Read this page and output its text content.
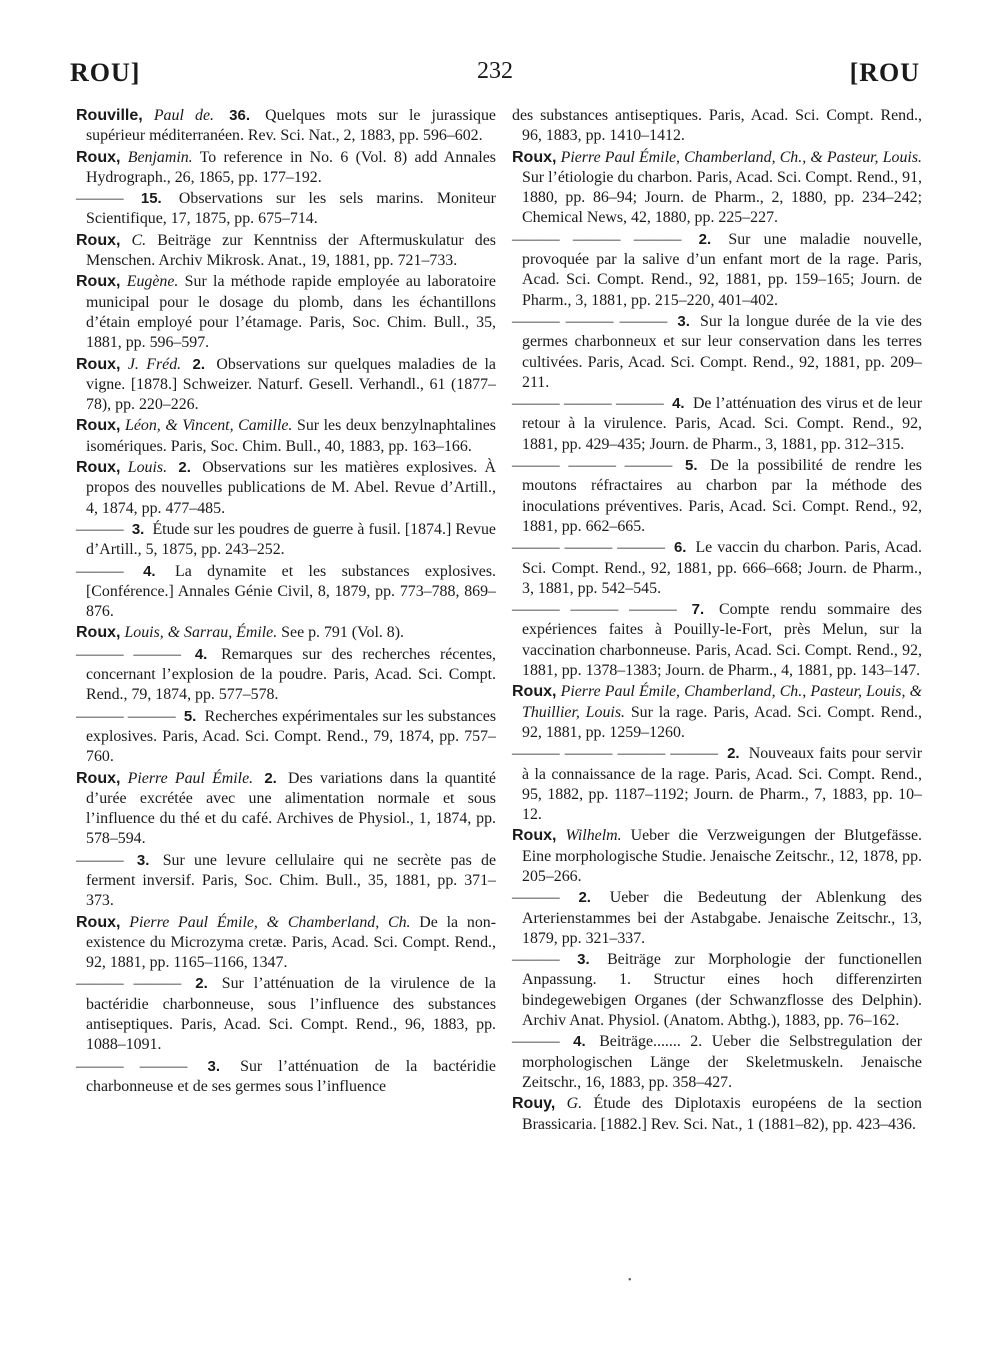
ROU]	232	[ROU

Rouville, Paul de. 36. Quelques mots sur le jurassique supérieur méditerranéen. Rev. Sci. Nat., 2, 1883, pp. 596–602.

Roux, Benjamin. To reference in No. 6 (Vol. 8) add Annales Hydrograph., 26, 1865, pp. 177–192.

——— 15. Observations sur les sels marins. Moniteur Scientifique, 17, 1875, pp. 675–714.

Roux, C. Beiträge zur Kenntniss der Aftermuskulatur des Menschen. Archiv Mikrosk. Anat., 19, 1881, pp. 721–733.

Roux, Eugène. Sur la méthode rapide employée au laboratoire municipal pour le dosage du plomb, dans les échantillons d’étain employé pour l’étamage. Paris, Soc. Chim. Bull., 35, 1881, pp. 596–597.

Roux, J. Fréd. 2. Observations sur quelques maladies de la vigne. [1878.] Schweizer. Naturf. Gesell. Verhandl., 61 (1877–78), pp. 220–226.

Roux, Léon, & Vincent, Camille. Sur les deux benzylnaphtalines isomériques. Paris, Soc. Chim. Bull., 40, 1883, pp. 163–166.

Roux, Louis. 2. Observations sur les matières explosives. À propos des nouvelles publications de M. Abel. Revue d’Artill., 4, 1874, pp. 477–485.

——— 3. Étude sur les poudres de guerre à fusil. [1874.] Revue d’Artill., 5, 1875, pp. 243–252.

——— 4. La dynamite et les substances explosives. [Conférence.] Annales Génie Civil, 8, 1879, pp. 773–788, 869–876.

Roux, Louis, & Sarrau, Émile. See p. 791 (Vol. 8).

——— ——— 4. Remarques sur des recherches récentes, concernant l’explosion de la poudre. Paris, Acad. Sci. Compt. Rend., 79, 1874, pp. 577–578.

——— ——— 5. Recherches expérimentales sur les substances explosives. Paris, Acad. Sci. Compt. Rend., 79, 1874, pp. 757–760.

Roux, Pierre Paul Émile. 2. Des variations dans la quantité d’urée excrétée avec une alimentation normale et sous l’influence du thé et du café. Archives de Physiol., 1, 1874, pp. 578–594.

——— 3. Sur une levure cellulaire qui ne secrète pas de ferment inversif. Paris, Soc. Chim. Bull., 35, 1881, pp. 371–373.

Roux, Pierre Paul Émile, & Chamberland, Ch. De la non-existence du Microzyma cretæ. Paris, Acad. Sci. Compt. Rend., 92, 1881, pp. 1165–1166, 1347.

——— ——— 2. Sur l’atténuation de la virulence de la bactéridie charbonneuse, sous l’influence des substances antiseptiques. Paris, Acad. Sci. Compt. Rend., 96, 1883, pp. 1088–1091.

——— ——— 3. Sur l’atténuation de la bactéridie charbonneuse et de ses germes sous l’influence

des substances antiseptiques. Paris, Acad. Sci. Compt. Rend., 96, 1883, pp. 1410–1412.

Roux, Pierre Paul Émile, Chamberland, Ch., & Pasteur, Louis. Sur l’étiologie du charbon. Paris, Acad. Sci. Compt. Rend., 91, 1880, pp. 86–94; Journ. de Pharm., 2, 1880, pp. 234–242; Chemical News, 42, 1880, pp. 225–227.

——— ——— ——— 2. Sur une maladie nouvelle, provoquée par la salive d’un enfant mort de la rage. Paris, Acad. Sci. Compt. Rend., 92, 1881, pp. 159–165; Journ. de Pharm., 3, 1881, pp. 215–220, 401–402.

——— ——— ——— 3. Sur la longue durée de la vie des germes charbonneux et sur leur conservation dans les terres cultivées. Paris, Acad. Sci. Compt. Rend., 92, 1881, pp. 209–211.

——— ——— ——— 4. De l’atténuation des virus et de leur retour à la virulence. Paris, Acad. Sci. Compt. Rend., 92, 1881, pp. 429–435; Journ. de Pharm., 3, 1881, pp. 312–315.

——— ——— ——— 5. De la possibilité de rendre les moutons réfractaires au charbon par la méthode des inoculations préventives. Paris, Acad. Sci. Compt. Rend., 92, 1881, pp. 662–665.

——— ——— ——— 6. Le vaccin du charbon. Paris, Acad. Sci. Compt. Rend., 92, 1881, pp. 666–668; Journ. de Pharm., 3, 1881, pp. 542–545.

——— ——— ——— 7. Compte rendu sommaire des expériences faites à Pouilly-le-Fort, près Melun, sur la vaccination charbonneuse. Paris, Acad. Sci. Compt. Rend., 92, 1881, pp. 1378–1383; Journ. de Pharm., 4, 1881, pp. 143–147.

Roux, Pierre Paul Émile, Chamberland, Ch., Pasteur, Louis, & Thuillier, Louis. Sur la rage. Paris, Acad. Sci. Compt. Rend., 92, 1881, pp. 1259–1260.

——— ——— ——— ——— 2. Nouveaux faits pour servir à la connaissance de la rage. Paris, Acad. Sci. Compt. Rend., 95, 1882, pp. 1187–1192; Journ. de Pharm., 7, 1883, pp. 10–12.

Roux, Wilhelm. Ueber die Verzweigungen der Blutgefässe. Eine morphologische Studie. Jenaische Zeitschr., 12, 1878, pp. 205–266.

——— 2. Ueber die Bedeutung der Ablenkung des Arterienstammes bei der Astabgabe. Jenaische Zeitschr., 13, 1879, pp. 321–337.

——— 3. Beiträge zur Morphologie der functionellen Anpassung. 1. Structur eines hoch differenzirten bindegewebigen Organes (der Schwanzflosse des Delphin). Archiv Anat. Physiol. (Anatom. Abthg.), 1883, pp. 76–162.

——— 4. Beiträge....... 2. Ueber die Selbstregulation der morphologischen Länge der Skeletmuskeln. Jenaische Zeitschr., 16, 1883, pp. 358–427.

Rouy, G. Étude des Diplotaxis européens de la section Brassicaria. [1882.] Rev. Sci. Nat., 1 (1881–82), pp. 423–436.

•
